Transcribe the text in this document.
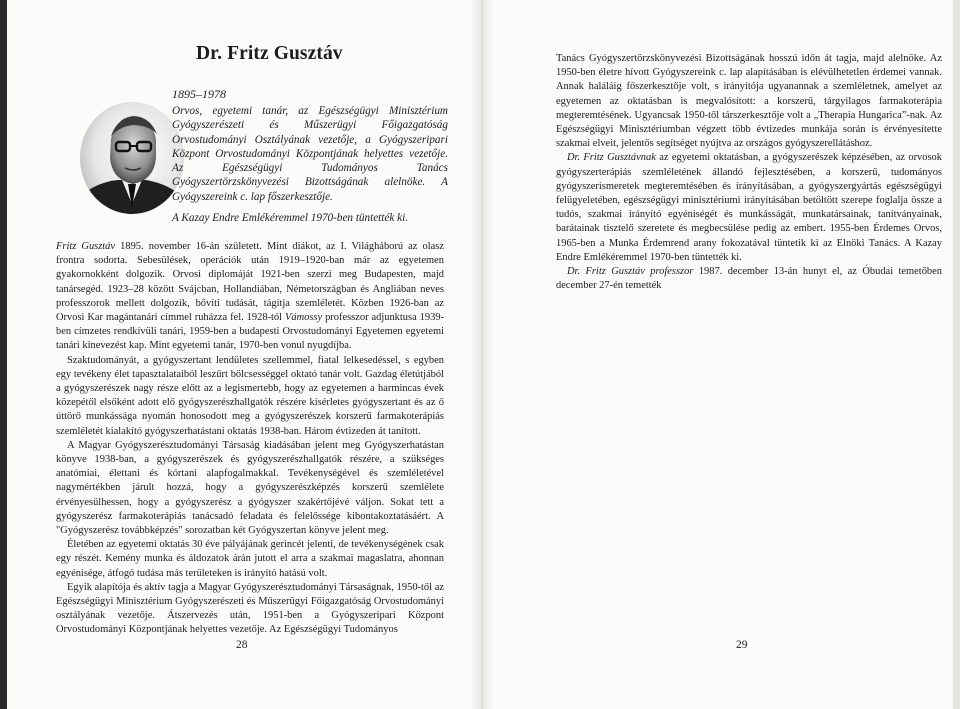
Dr. Fritz Gusztáv
1895–1978
Orvos, egyetemi tanár, az Egészségügyi Minisztérium Gyógyszerészeti és Műszerügyi Főigazgatóság Orvostudományi Osztályának vezetője, a Gyógyszeripari Központ Orvostudományi Központjának helyettes vezetője. Az Egészségügyi Tudományos Tanács Gyógyszertörzskönyvezési Bizottságának alelnöke. A Gyógyszereink c. lap főszerkesztője.
A Kazay Endre Emlékéremmel 1970-ben tüntették ki.

Fritz Gusztáv 1895. november 16-án született. Mint diákot, az I. Világháború az olasz frontra sodorta. Sebesülések, operációk után 1919–1920-ban már az egyetemen gyakornokként dolgozik. Orvosi diplomáját 1921-ben szerzi meg Budapesten, majd tanársegéd. 1923–28 között Svájcban, Hollandiában, Németországban és Angliában neves professzorok mellett dolgozik, bővíti tudását, tágítja szemléletét. Közben 1926-ban az Orvosi Kar magántanári címmel ruházza fel. 1928-tól Vámossy professzor adjunktusa 1939-ben címzetes rendkívüli tanári, 1959-ben a budapesti Orvostudományi Egyetemen egyetemi tanári kinevezést kap. Mint egyetemi tanár, 1970-ben vonul nyugdíjba.

Szaktudományát, a gyógyszertant lendületes szellemmel, fiatal lelkesedéssel, s egyben egy tevékeny élet tapasztalataiból leszűrt bölcsességgel oktató tanár volt. Gazdag életútjából a gyógyszerészek nagy része előtt az a legismertebb, hogy az egyetemen a harmincas évek közepétől elsőként adott elő gyógyszerészhallgatók részére kísérletes gyógyszertant és az ő úttörő munkássága nyomán honosodott meg a gyógyszerészek korszerű farmakoterápiás szemléletét kialakító gyógyszerhatástani oktatás 1938-ban. Három évtizeden át tanított.

A Magyar Gyógyszerésztudományi Társaság kiadásában jelent meg Gyógyszerhatástan könyve 1938-ban, a gyógyszerészek és gyógyszerészhallgatók részére, a szükséges anatómiai, élettani és kórtani alapfogalmakkal. Tevékenységével és szemléletével nagymértékben járult hozzá, hogy a gyógyszerészképzés korszerű szemlélete érvényesülhessen, hogy a gyógyszerész a gyógyszer szakértőjévé váljon. Sokat tett a gyógyszerész farmakoterápiás tanácsadó feladata és felelőssége kibontakoztatásáért. A "Gyógyszerész továbbképzés" sorozatban két Gyógyszertan könyve jelent meg.

Életében az egyetemi oktatás 30 éve pályájának gerincét jelenti, de tevékenységének csak egy részét. Kemény munka és áldozatok árán jutott el arra a szakmai magaslatra, ahonnan egyénisége, átfogó tudása más területeken is irányító hatású volt.

Egyik alapítója és aktív tagja a Magyar Gyógyszerésztudományi Társaságnak, 1950-től az Egészségügyi Minisztérium Gyógyszerészeti és Műszerügyi Főigazgatóság Orvostudományi osztályának vezetője. Átszervezés után, 1951-ben a Gyógyszeripari Központ Orvostudományi Központjának helyettes vezetője. Az Egészségügyi Tudományos

28

Tanács Gyógyszertörzskönyvezési Bizottságának hosszú időn át tagja, majd alelnöke. Az 1950-ben életre hívott Gyógyszereink c. lap alapításában is elévülhetetlen érdemei vannak. Annak haláláig főszerkesztője volt, s irányítója ugyanannak a szemléletnek, amelyet az egyetemen az oktatásban is megvalósított: a korszerű, tárgyilagos farmakoterápia megteremtésének. Ugyancsak 1950-től társzerkesztője volt a „Therapia Hungarica”-nak. Az Egészségügyi Minisztériumban végzett több évtizedes munkája során is érvényesítette szakmai elveit, jelentős segítséget nyújtva az országos gyógyszerellátáshoz.

Dr. Fritz Gusztávnak az egyetemi oktatásban, a gyógyszerészek képzésében, az orvosok gyógyszerterápiás szemléletének állandó fejlesztésében, a korszerű, tudományos gyógyszerismeretek megteremtésében és irányításában, a gyógyszergyártás egészségügyi felügyeletében, egészségügyi minisztériumi irányításában betöltött szerepe foglalja össze a tudós, szakmai irányító egyéniségét és munkásságát, munkatársainak, tanítványainak, barátainak tisztelő szeretete és megbecsülése pedig az embert. 1955-ben Érdemes Orvos, 1965-ben a Munka Érdemrend arany fokozatával tüntetik ki az Elnöki Tanács. A Kazay Endre Emlékéremmel 1970-ben tüntették ki.

Dr. Fritz Gusztáv professzor 1987. december 13-án hunyt el, az Óbudai temetőben december 27-én temették

29
